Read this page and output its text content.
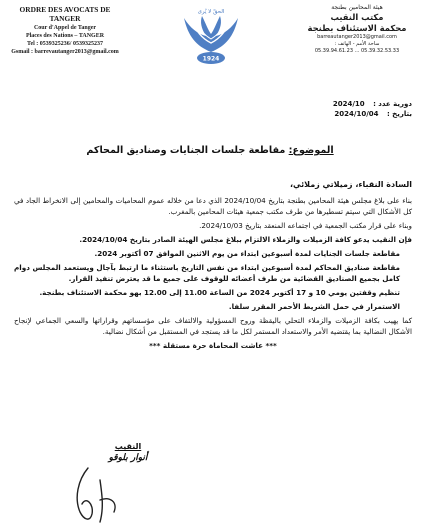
ORDRE DES AVOCATS DE
TANGER
Cour d'Appel de Tanger
Places des Nations – TANGER
Tel : 0539325236/ 0539325237
Gsmail : barrevautanger2013@gmail.com
الحقّ لا يُرى
1924
هيئة المحامين بطنجة
مكتب النقيب
محكمة الاستئناف بطنجة
barreautanger2013@gmail.com
ساحة الأمم - الهاتف :
05.39.94.61.23 ... 05.39.32.53.33
دورية عدد : 2024/10
بتاريخ : 2024/10/04
الموضوع: مقاطعة جلسات الجنايات وصناديق المحاكم
السادة النقباء، زميلاتي زملائي،

بناء على بلاغ مجلس هيئة المحامين بطنجة بتاريخ 2024/10/04 الذي دعا من خلاله عموم المحاميات والمحامين إلى الانخراط الجاد في كل الأشكال التي سيتم تسطيرها من طرف مكتب جمعية هيئات المحامين بالمغرب.

وبناء على قرار مكتب الجمعية في اجتماعه المنعقد بتاريخ 2024/10/03.

فإن النقيب يدعو كافة الزميلات والزملاء الالتزام ببلاغ مجلس الهيئة الصادر بتاريخ 2024/10/04.

مقاطعة جلسات الجنايات لمدة أسبوعين ابتداء من يوم الاثنين الموافق 07 أكتوبر 2024.

مقاطعة صناديق المحاكم لمدة أسبوعين ابتداء من نفس التاريخ باستثناء ما ارتبط بآجال ويستعمد المجلس دوام كامل بجميع الصناديق القضائية من طرف أعضائه للوقوف على جميع ما قد يعترض تنفيذ القرار.

تنظيم وقفتين يومي 10 و 17 أكتوبر 2024 من الساعة 11.00 إلى 12.00 بهو محكمة الاستئناف بطنجة.

الاستمرار في حمل الشريط الأحمر المقرر سلفا.

كما يهيب بكافة الزميلات والزملاء التحلي باليقظة وروح المسؤولية والالتفاف على مؤسساتهم وقراراتها والسعي الجماعي لإنجاح الأشكال النضالية بما يقتضيه الأمر والاستعداد المستمر لكل ما قد يستجد في المستقبل من أشكال نضالية.

*** عاشت المحاماة حرة مستقلة ***

النقيب
أنوار بلوقو
